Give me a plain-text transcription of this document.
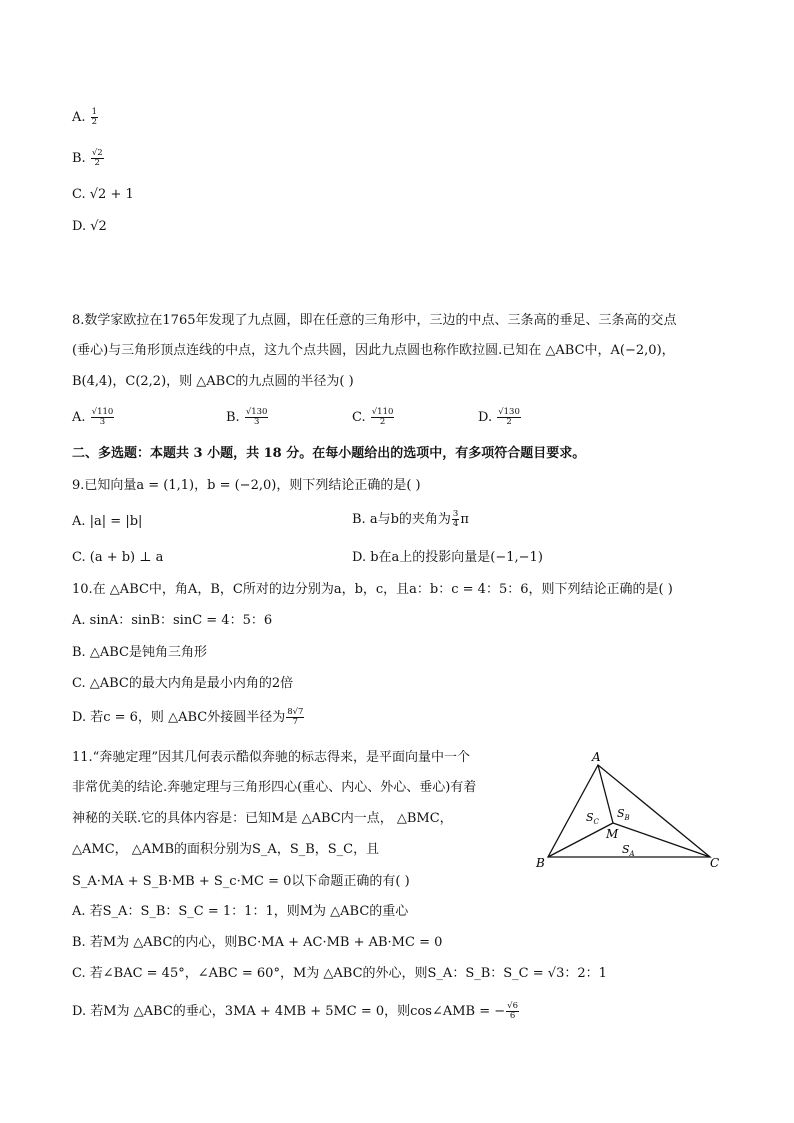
A. $\frac{1}{2}$
B. $\frac{√2}{2}$
C. √2 + 1
D. √2
8.数学家欧拉在1765年发现了九点圆，即在任意的三角形中，三边的中点、三条高的垂足、三条高的交点
(垂心)与三角形顶点连线的中点，这九个点共圆，因此九点圆也称作欧拉圆.已知在 △ABC中，A(−2,0)，
B(4,4)，C(2,2)，则 △ABC的九点圆的半径为( )
A. $\frac{√110}{3}$	B. $\frac{√130}{3}$	C. $\frac{√110}{2}$	D. $\frac{√130}{2}$
二、多选题：本题共 3 小题，共 18 分。在每小题给出的选项中，有多项符合题目要求。
9.已知向量a = (1,1)，b = (−2,0)，则下列结论正确的是( )
A. |a| = |b|	B. a与b的夹角为 $\frac{3}{4}$ π
C. (a + b) ⊥ a	D. b在a上的投影向量是(−1,−1)
10.在 △ABC中，角A，B，C所对的边分别为a，b，c，且a：b：c = 4：5：6，则下列结论正确的是( )
A. sinA：sinB：sinC = 4：5：6
B. △ABC是钝角三角形
C. △ABC的最大内角是最小内角的2倍
D. 若c = 6，则 △ABC外接圆半径为 $\frac{8√7}{7}$
11.“奔驰定理”因其几何表示酷似奔驰的标志得来，是平面向量中一个
非常优美的结论.奔驰定理与三角形四心(重心、内心、外心、垂心)有着
神秘的关联.它的具体内容是：已知M是 △ABC内一点， △BMC，
△AMC， △AMB的面积分别为S_A，S_B，S_C，且
S_A·MA + S_B·MB + S_c·MC = 0以下命题正确的有( )
A. 若S_A：S_B：S_C = 1：1：1，则M为 △ABC的重心
B. 若M为 △ABC的内心，则BC·MA + AC·MB + AB·MC = 0
C. 若∠BAC = 45°，∠ABC = 60°，M为 △ABC的外心，则S_A：S_B：S_C = √3：2：1
D. 若M为 △ABC的垂心，3MA + 4MB + 5MC = 0，则cos∠AMB = − $\frac{√6}{6}$
A
B	C
M
$S_C$
$S_B$
$S_A$
